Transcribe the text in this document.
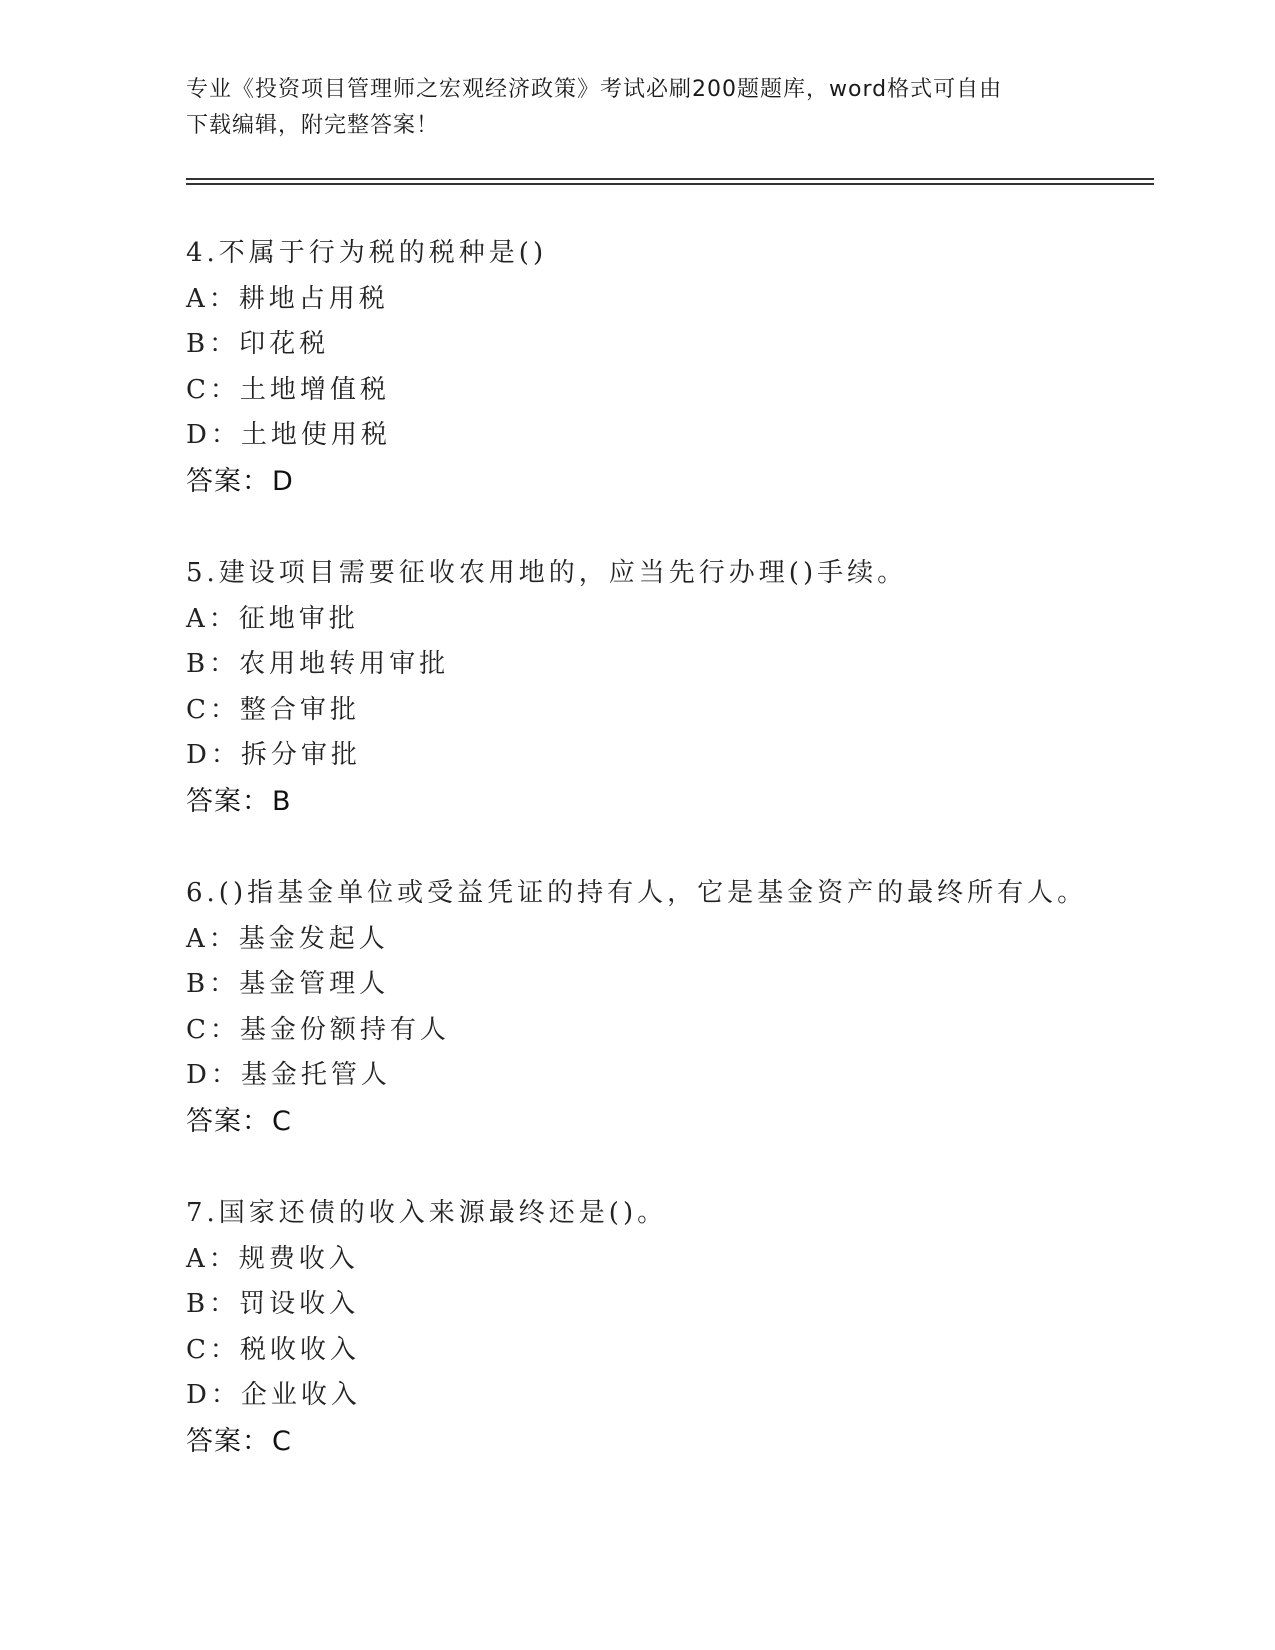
专业《投资项目管理师之宏观经济政策》考试必刷200题题库，word格式可自由
下载编辑，附完整答案！
4.不属于行为税的税种是()
A：耕地占用税
B：印花税
C：土地增值税
D：土地使用税
答案：D
5.建设项目需要征收农用地的，应当先行办理()手续。
A：征地审批
B：农用地转用审批
C：整合审批
D：拆分审批
答案：B
6.()指基金单位或受益凭证的持有人，它是基金资产的最终所有人。
A：基金发起人
B：基金管理人
C：基金份额持有人
D：基金托管人
答案：C
7.国家还债的收入来源最终还是()。
A：规费收入
B：罚设收入
C：税收收入
D：企业收入
答案：C
